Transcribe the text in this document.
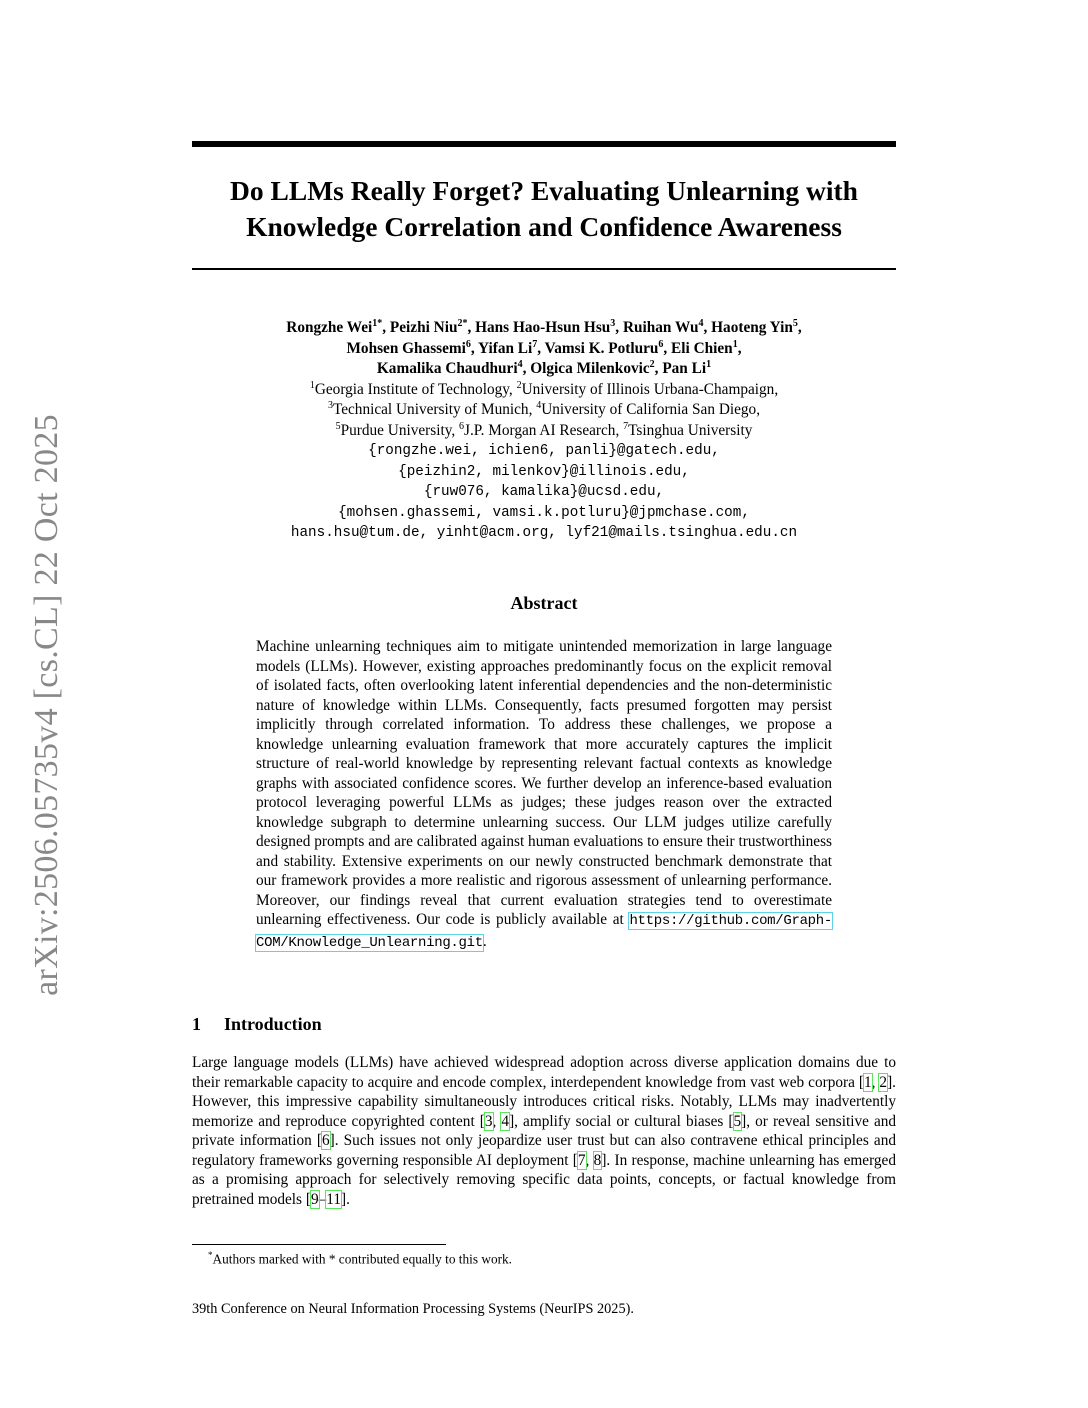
arXiv:2506.05735v4 [cs.CL] 22 Oct 2025
Do LLMs Really Forget? Evaluating Unlearning with
Knowledge Correlation and Confidence Awareness
Rongzhe Wei$^{1*}$, Peizhi Niu$^{2*}$, Hans Hao-Hsun Hsu$^3$, Ruihan Wu$^4$, Haoteng Yin$^5$,
Mohsen Ghassemi$^6$, Yifan Li$^7$, Vamsi K. Potluru$^6$, Eli Chien$^1$,
Kamalika Chaudhuri$^4$, Olgica Milenkovic$^2$, Pan Li$^1$
$^1$Georgia Institute of Technology, $^2$University of Illinois Urbana-Champaign,
$^3$Technical University of Munich, $^4$University of California San Diego,
$^5$Purdue University, $^6$J.P. Morgan AI Research, $^7$Tsinghua University
{rongzhe.wei, ichien6, panli}@gatech.edu,
{peizhin2, milenkov}@illinois.edu,
{ruw076, kamalika}@ucsd.edu,
{mohsen.ghassemi, vamsi.k.potluru}@jpmchase.com,
hans.hsu@tum.de, yinht@acm.org, lyf21@mails.tsinghua.edu.cn
Abstract

Machine unlearning techniques aim to mitigate unintended memorization in large language models (LLMs). However, existing approaches predominantly focus on the explicit removal of isolated facts, often overlooking latent inferential dependencies and the non-deterministic nature of knowledge within LLMs. Consequently, facts presumed forgotten may persist implicitly through correlated information. To address these challenges, we propose a knowledge unlearning evaluation framework that more accurately captures the implicit structure of real-world knowledge by representing relevant factual contexts as knowledge graphs with associated confidence scores. We further develop an inference-based evaluation protocol leveraging powerful LLMs as judges; these judges reason over the extracted knowledge subgraph to determine unlearning success. Our LLM judges utilize carefully designed prompts and are calibrated against human evaluations to ensure their trustworthiness and stability. Extensive experiments on our newly constructed benchmark demonstrate that our framework provides a more realistic and rigorous assessment of unlearning performance. Moreover, our findings reveal that current evaluation strategies tend to overestimate unlearning effectiveness. Our code is publicly available at https://github.com/Graph-COM/Knowledge_Unlearning.git.

1 Introduction

Large language models (LLMs) have achieved widespread adoption across diverse application domains due to their remarkable capacity to acquire and encode complex, interdependent knowledge from vast web corpora [1, 2]. However, this impressive capability simultaneously introduces critical risks. Notably, LLMs may inadvertently memorize and reproduce copyrighted content [3, 4], amplify social or cultural biases [5], or reveal sensitive and private information [6]. Such issues not only jeopardize user trust but can also contravene ethical principles and regulatory frameworks governing responsible AI deployment [7, 8]. In response, machine unlearning has emerged as a promising approach for selectively removing specific data points, concepts, or factual knowledge from pretrained models [9–11].

*Authors marked with * contributed equally to this work.

39th Conference on Neural Information Processing Systems (NeurIPS 2025).
